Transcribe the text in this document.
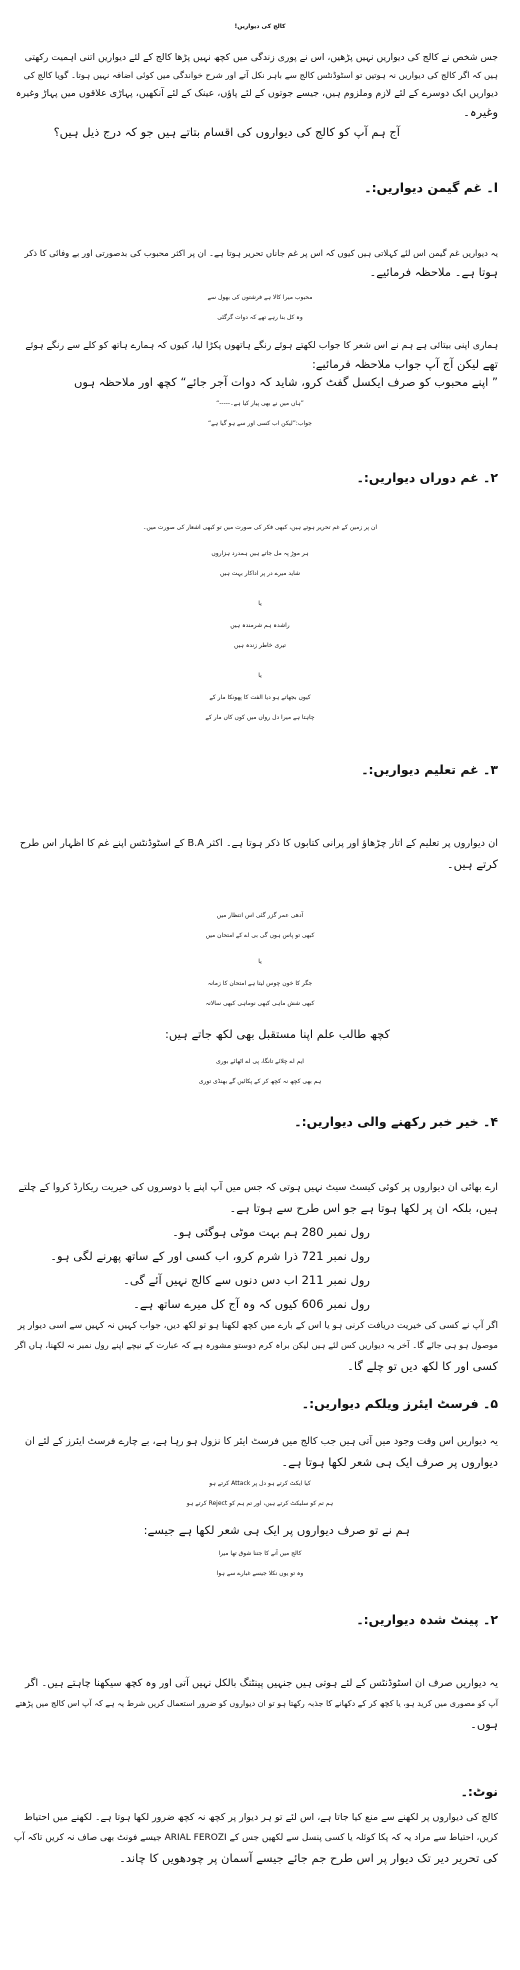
کالج کی دیواریں!
جس شخص نے کالج کی دیواریں نہیں پڑھیں، اس نے پوری زندگی میں کچھ نہیں پڑھا کالج کے لئے دیواریں اتنی اہمیت رکھتی
ہیں کہ اگر کالج کی دیواریں نہ ہوتیں تو اسٹوڈنٹس کالج سے باہر نکل آتے اور شرح خواندگی میں کوئی اضافہ نہیں ہوتا۔ گویا کالج کی
دیواریں ایک دوسرے کے لئے لازم وملزوم ہیں، جیسے جوتوں کے لئے پاؤں، عینک کے لئے آنکھیں، پہاڑی علاقوں میں پہاڑ وغیرہ
وغیرہ۔
آج ہم آپ کو کالج کی دیواروں کی اقسام بتاتے ہیں جو کہ درج ذیل ہیں؟
ا۔ غم گیمن دیواریں:۔
یہ دیواریں غم گیمن اس لئے کہلاتی ہیں کیوں کہ اس پر غم جاناں تحریر ہوتا ہے۔ ان پر اکثر محبوب کی بدصورتی اور بے وفائی کا ذکر
ہوتا ہے۔ ملاحظہ فرمائیے۔
محبوب میرا کالا ہے فرشتوں کی بھول سے
وہ کل بنا رہے تھے کہ دوات گرگئی
ہماری اپنی بیتائی ہے ہم نے اس شعر کا جواب لکھتے ہوئے رنگے ہاتھوں پکڑا لیا، کیوں کہ ہمارے ہاتھ کو کلے سے رنگے ہوئے
تھے لیکن آج آپ جواب ملاحظہ فرمائیے:
” اپنے محبوب کو صرف ایکسل گفٹ کرو، شاید کہ دوات آجر جائے“ کچھ اور ملاحظہ ہوں
”ہاں میں نے بھی پیار کیا ہے۔-----“
جواب:”لیکن اب کسی اور سے ہو گیا ہے“
۲۔ غم دوراں دیواریں:۔
ان پر زمین کے غم تحریر ہوتے ہیں، کبھی فکر کی صورت میں تو کبھی اشعار کی صورت میں۔
ہر موڑ پہ مل جاتے ہیں ہمدرد ہزاروں
شاید میرے در پر اداکار بہت ہیں
یا
راشدہ ہم شرمندہ ہیں
تیری خاطر زندہ ہیں
یا
کیوں بجھاتے ہو دیا الفت کا پھونکا مار کے
چاہتا ہے میرا دل رواں میں کوں کاں مار کے
۳۔ غم تعلیم دیواریں:۔
ان دیواروں پر تعلیم کے اتار چڑھاؤ اور پرانی کتابوں کا ذکر ہوتا ہے۔ اکثر B.A کے اسٹوڈنٹس اپنے غم کا اظہار اس طرح
کرتے ہیں۔
آدھی عمر گزر گئی اس انتظار میں
کبھی تو پاس ہوں گی بی اے کے امتحان میں
یا
جگر کا خون چوس لیتا ہے امتحان کا زمانہ
کبھی شش ماہی کبھی نوماہی کبھی سالانہ
کچھ طالب علم اپنا مستقبل بھی لکھ جاتے ہیں:
ایم اے چلائے تانگا، پی اے اٹھائے بوری
ہم بھی کچھ نہ کچھ کر کے پکائیں گے بھنڈی توری
۴۔ خیر خبر رکھنے والی دیواریں:۔
ارے بھائی ان دیواروں پر کوئی کیسٹ سیٹ نہیں ہوتی کہ جس میں آپ اپنے یا دوسروں کی خیریت ریکارڈ کروا کے چلتے
ہیں، بلکہ ان پر لکھا ہوتا ہے جو اس طرح سے ہوتا ہے۔
رول نمبر 280 ہم بہت موٹی ہوگئی ہو۔
رول نمبر 721 ذرا شرم کرو، اب کسی اور کے ساتھ پھرنے لگی ہو۔
رول نمبر 211 اب دس دنوں سے کالج نہیں آئے گی۔
رول نمبر 606 کیوں کہ وہ آج کل میرے ساتھ ہے۔
اگر آپ نے کسی کی خیریت دریافت کرنی ہو یا اس کے بارے میں کچھ لکھنا ہو تو لکھ دیں، جواب کہیں نہ کہیں سے اسی دیوار پر
موصول ہو ہی جائے گا۔ آخر یہ دیواریں کس لئے ہیں لیکن براہ کرم دوستو مشورہ ہے کہ عبارت کے نیچے اپنے رول نمبر نہ لکھنا، ہاں اگر
کسی اور کا لکھ دیں تو چلے گا۔
۵۔ فرسٹ ایئرز ویلکم دیواریں:۔
یہ دیواریں اس وقت وجود میں آتی ہیں جب کالج میں فرسٹ ایئر کا نزول ہو رہا ہے، بے چارے فرسٹ ایئرز کے لئے ان
دیواروں پر صرف ایک ہی شعر لکھا ہوتا ہے۔
کیا ایکٹ کرتے ہو دل پر Attack کرتے ہو
ہم تم کو سلیکٹ کرتے ہیں، اور تم ہم کو Reject کرتے ہو
ہم نے تو صرف دیواروں پر ایک ہی شعر لکھا ہے جیسے:
کالج میں آنے کا جتنا شوق تھا میرا
وہ تو یوں نکلا جیسے غبارے سے ہوا
۲۔ پینٹ شدہ دیواریں:۔
یہ دیواریں صرف ان اسٹوڈنٹس کے لئے ہوتی ہیں جنہیں پینٹنگ بالکل نہیں آتی اور وہ کچھ سیکھنا چاہتے ہیں۔ اگر
آپ کو مصوری میں کرید ہو، یا کچھ کر کے دکھانے کا جذبہ رکھتا ہو تو ان دیواروں کو ضرور استعمال کریں شرط یہ ہے کہ آپ اس کالج میں پڑھتے
ہوں۔
نوٹ:۔
کالج کی دیواروں پر لکھنے سے منع کیا جاتا ہے، اس لئے تو ہر دیوار پر کچھ نہ کچھ ضرور لکھا ہوتا ہے۔ لکھنے میں احتیاط
کریں، احتیاط سے مراد یہ کہ پکا کوئلہ یا کسی پنسل سے لکھیں جس کے ARIAL FEROZI جیسے فونٹ بھی صاف نہ کریں تاکہ آپ
کی تحریر دیر تک دیوار پر اس طرح جم جائے جیسے آسمان پر چودھویں کا چاند۔
